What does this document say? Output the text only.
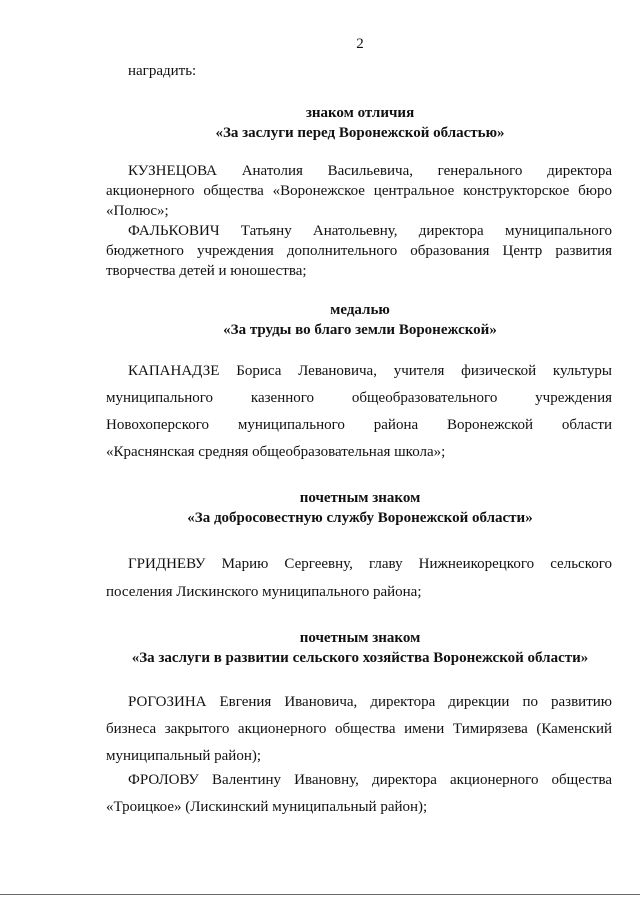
2
наградить:
знаком отличия
«За заслуги перед Воронежской областью»
КУЗНЕЦОВА Анатолия Васильевича, генерального директора
акционерного общества «Воронежское центральное конструкторское бюро
«Полюс»;
ФАЛЬКОВИЧ Татьяну Анатольевну, директора муниципального
бюджетного учреждения дополнительного образования Центр развития
творчества детей и юношества;
медалью
«За труды во благо земли Воронежской»
КАПАНАДЗЕ Бориса Левановича, учителя физической культуры
муниципального казенного общеобразовательного учреждения
Новохоперского муниципального района Воронежской области
«Краснянская средняя общеобразовательная школа»;
почетным знаком
«За добросовестную службу Воронежской области»
ГРИДНЕВУ Марию Сергеевну, главу Нижнеикорецкого сельского
поселения Лискинского муниципального района;
почетным знаком
«За заслуги в развитии сельского хозяйства Воронежской области»
РОГОЗИНА Евгения Ивановича, директора дирекции по развитию
бизнеса закрытого акционерного общества имени Тимирязева (Каменский
муниципальный район);
ФРОЛОВУ Валентину Ивановну, директора акционерного общества
«Троицкое» (Лискинский муниципальный район);
